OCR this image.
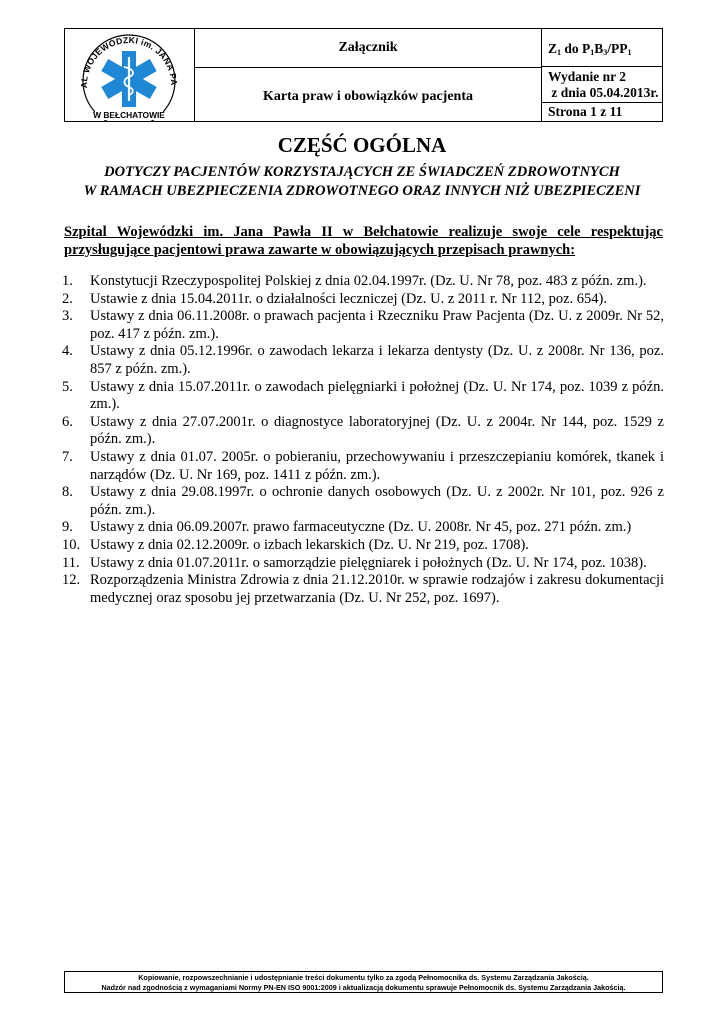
AL WOJEWÓDZKI im. JANA PA
W BEŁCHATOWIE
Załącznik
Karta praw i obowiązków pacjenta
$Z_1$ do $P_1B_3/PP_1$
Wydanie nr 2
z dnia 05.04.2013r.
Strona 1 z 11
CZĘŚĆ OGÓLNA
DOTYCZY PACJENTÓW KORZYSTAJĄCYCH ZE ŚWIADCZEŃ ZDROWOTNYCH
W RAMACH UBEZPIECZENIA ZDROWOTNEGO ORAZ INNYCH NIŻ UBEZPIECZENI
Szpital Wojewódzki im. Jana Pawła II w Bełchatowie realizuje swoje cele respektując
przysługujące pacjentowi prawa zawarte w obowiązujących przepisach prawnych:
1. Konstytucji Rzeczypospolitej Polskiej z dnia 02.04.1997r. (Dz. U. Nr 78, poz. 483 z późn. zm.).
2. Ustawie z dnia 15.04.2011r. o działalności leczniczej (Dz. U. z 2011 r. Nr 112, poz. 654).
3. Ustawy z dnia 06.11.2008r. o prawach pacjenta i Rzeczniku Praw Pacjenta (Dz. U. z 2009r. Nr 52, poz. 417 z późn. zm.).
4. Ustawy z dnia 05.12.1996r. o zawodach lekarza i lekarza dentysty (Dz. U. z 2008r. Nr 136, poz. 857 z późn. zm.).
5. Ustawy z dnia 15.07.2011r. o zawodach pielęgniarki i położnej (Dz. U. Nr 174, poz. 1039 z późn. zm.).
6. Ustawy z dnia 27.07.2001r. o diagnostyce laboratoryjnej (Dz. U. z 2004r. Nr 144, poz. 1529 z późn. zm.).
7. Ustawy z dnia 01.07. 2005r. o pobieraniu, przechowywaniu i przeszczepianiu komórek, tkanek i narządów (Dz. U. Nr 169, poz. 1411 z późn. zm.).
8. Ustawy z dnia 29.08.1997r. o ochronie danych osobowych (Dz. U. z 2002r. Nr 101, poz. 926 z późn. zm.).
9. Ustawy z dnia 06.09.2007r. prawo farmaceutyczne (Dz. U. 2008r. Nr 45, poz. 271 późn. zm.)
10. Ustawy z dnia 02.12.2009r. o izbach lekarskich (Dz. U. Nr 219, poz. 1708).
11. Ustawy z dnia 01.07.2011r. o samorządzie pielęgniarek i położnych (Dz. U. Nr 174, poz. 1038).
12. Rozporządzenia Ministra Zdrowia z dnia 21.12.2010r. w sprawie rodzajów i zakresu dokumentacji medycznej oraz sposobu jej przetwarzania (Dz. U. Nr 252, poz. 1697).
Kopiowanie, rozpowszechnianie i udostępnianie treści dokumentu tylko za zgodą Pełnomocnika ds. Systemu Zarządzania Jakością.
Nadzór nad zgodnością z wymaganiami Normy PN-EN ISO 9001:2009 i aktualizacją dokumentu sprawuje Pełnomocnik ds. Systemu Zarządzania Jakością.
